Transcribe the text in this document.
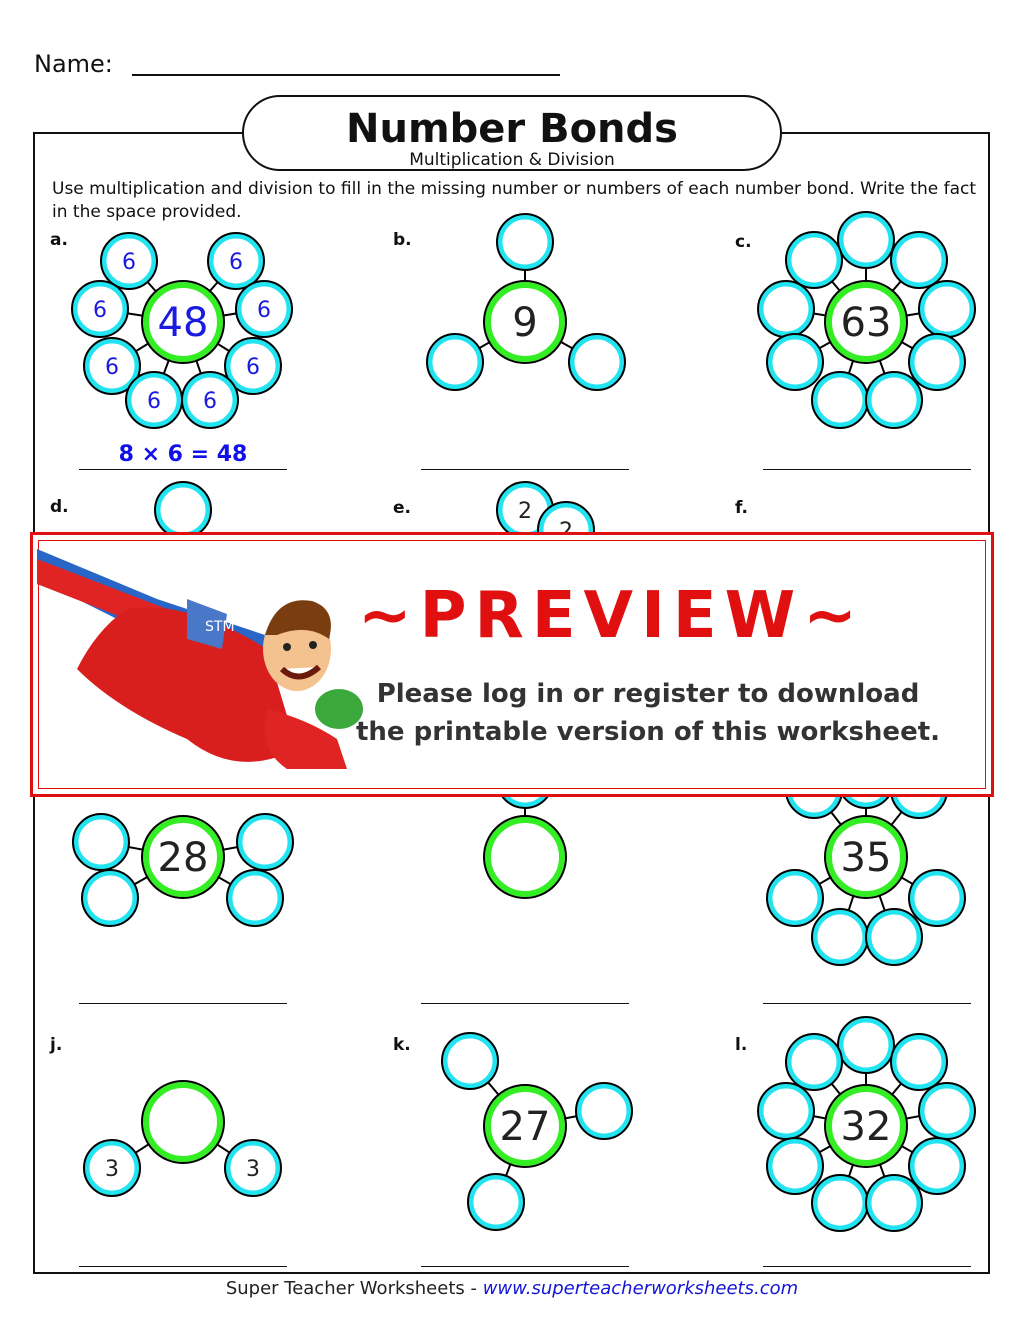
Name:
Number Bonds
Multiplication & Division
Use multiplication and division to fill in the missing number or numbers of each number bond. Write the fact in the space provided.
a.	b.	c.
d.	e.	f.
j.	k.	l.
6	6
6	6
6	6
6 6
48	9	63
2
28	35
3	3
27	32
8 × 6 = 48
STM ~PREVIEW~
Please log in or register to download
the printable version of this worksheet.
Super Teacher Worksheets - www.superteacherworksheets.com
